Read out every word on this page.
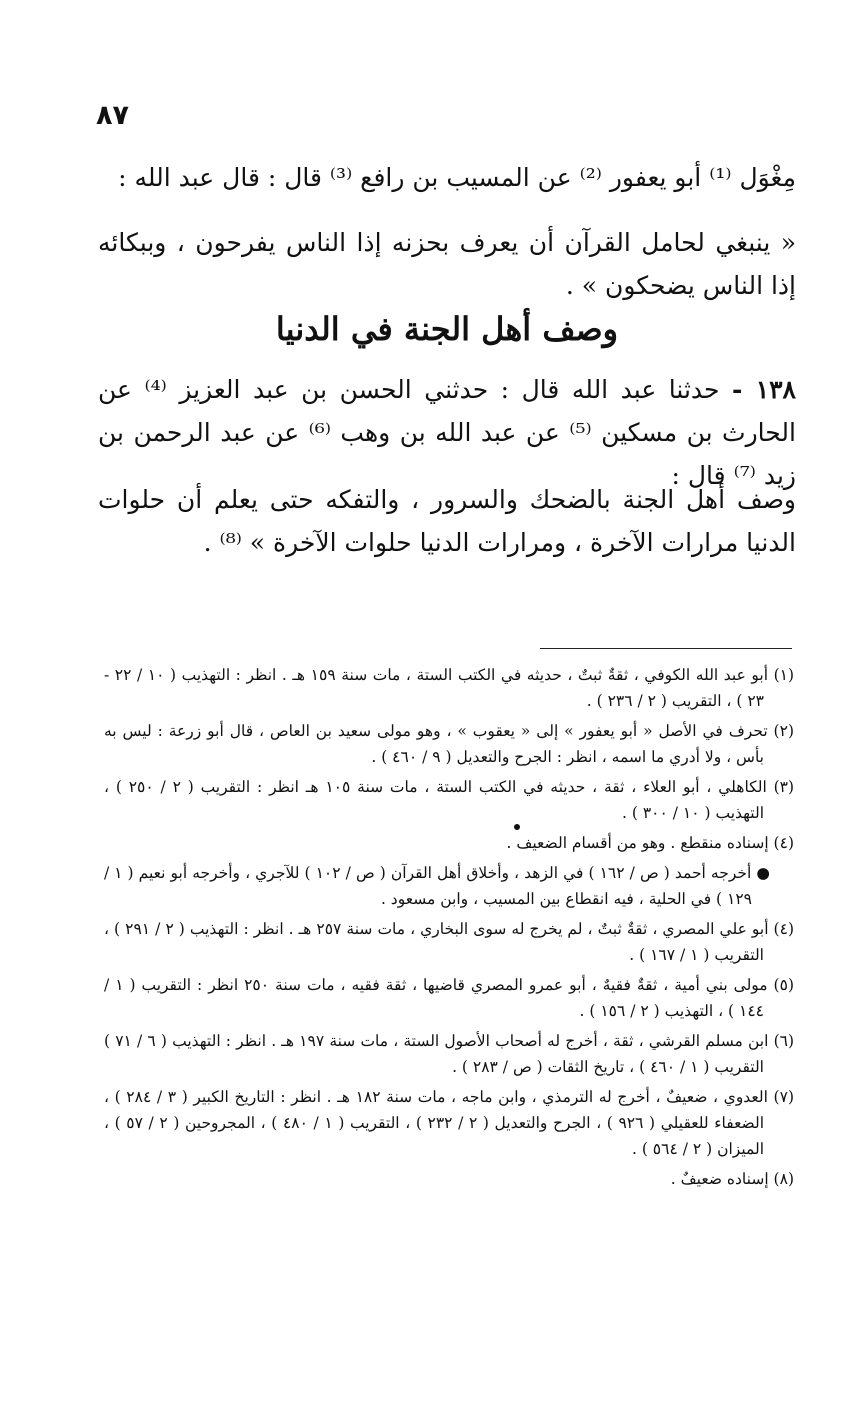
٨٧
مِغْوَل ⁽¹⁾ أبو يعفور ⁽²⁾ عن المسيب بن رافع ⁽³⁾ قال : قال عبد الله :
« ينبغي لحامل القرآن أن يعرف بحزنه إذا الناس يفرحون ، وببكائه إذا الناس يضحكون » .
وصف أهل الجنة في الدنيا
١٣٨ - حدثنا عبد الله قال : حدثني الحسن بن عبد العزيز ⁽⁴⁾ عن الحارث بن مسكين ⁽⁵⁾ عن عبد الله بن وهب ⁽⁶⁾ عن عبد الرحمن بن زيد ⁽⁷⁾ قال :
وصف أهل الجنة بالضحك والسرور ، والتفكه حتى يعلم أن حلوات الدنيا مرارات الآخرة ، ومرارات الدنيا حلوات الآخرة » ⁽⁸⁾ .

(١) أبو عبد الله الكوفي ، ثقةٌ ثبتٌ ، حديثه في الكتب الستة ، مات سنة ١٥٩ هـ . انظر : التهذيب ( ١٠ / ٢٢ - ٢٣ ) ، التقريب ( ٢ / ٢٣٦ ) .

(٢) تحرف في الأصل « أبو يعفور » إلى « يعقوب » ، وهو مولى سعيد بن العاص ، قال أبو زرعة : ليس به بأس ، ولا أدري ما اسمه ، انظر : الجرح والتعديل ( ٩ / ٤٦٠ ) .

(٣) الكاهلي ، أبو العلاء ، ثقة ، حديثه في الكتب الستة ، مات سنة ١٠٥ هـ انظر : التقريب ( ٢ / ٢٥٠ ) ، التهذيب ( ١٠ / ٣٠٠ ) .

(٤) إسناده منقطع . وهو من أقسام الضعيف .

● أخرجه أحمد ( ص / ١٦٢ ) في الزهد ، وأخلاق أهل القرآن ( ص / ١٠٢ ) للآجري ، وأخرجه أبو نعيم ( ١ / ١٢٩ ) في الحلية ، فيه انقطاع بين المسيب ، وابن مسعود .

(٤) أبو علي المصري ، ثقةٌ ثبتٌ ، لم يخرج له سوى البخاري ، مات سنة ٢٥٧ هـ . انظر : التهذيب ( ٢ / ٢٩١ ) ، التقريب ( ١ / ١٦٧ ) .

(٥) مولى بني أمية ، ثقةٌ فقيهٌ ، أبو عمرو المصري قاضيها ، ثقة فقيه ، مات سنة ٢٥٠ انظر : التقريب ( ١ / ١٤٤ ) ، التهذيب ( ٢ / ١٥٦ ) .

(٦) ابن مسلم القرشي ، ثقة ، أخرج له أصحاب الأصول الستة ، مات سنة ١٩٧ هـ . انظر : التهذيب ( ٦ / ٧١ ) التقريب ( ١ / ٤٦٠ ) ، تاريخ الثقات ( ص / ٢٨٣ ) .

(٧) العدوي ، ضعيفٌ ، أخرج له الترمذي ، وابن ماجه ، مات سنة ١٨٢ هـ . انظر : التاريخ الكبير ( ٣ / ٢٨٤ ) ، الضعفاء للعقيلي ( ٩٢٦ ) ، الجرح والتعديل ( ٢ / ٢٣٢ ) ، التقريب ( ١ / ٤٨٠ ) ، المجروحين ( ٢ / ٥٧ ) ، الميزان ( ٢ / ٥٦٤ ) .

(٨) إسناده ضعيفٌ .
